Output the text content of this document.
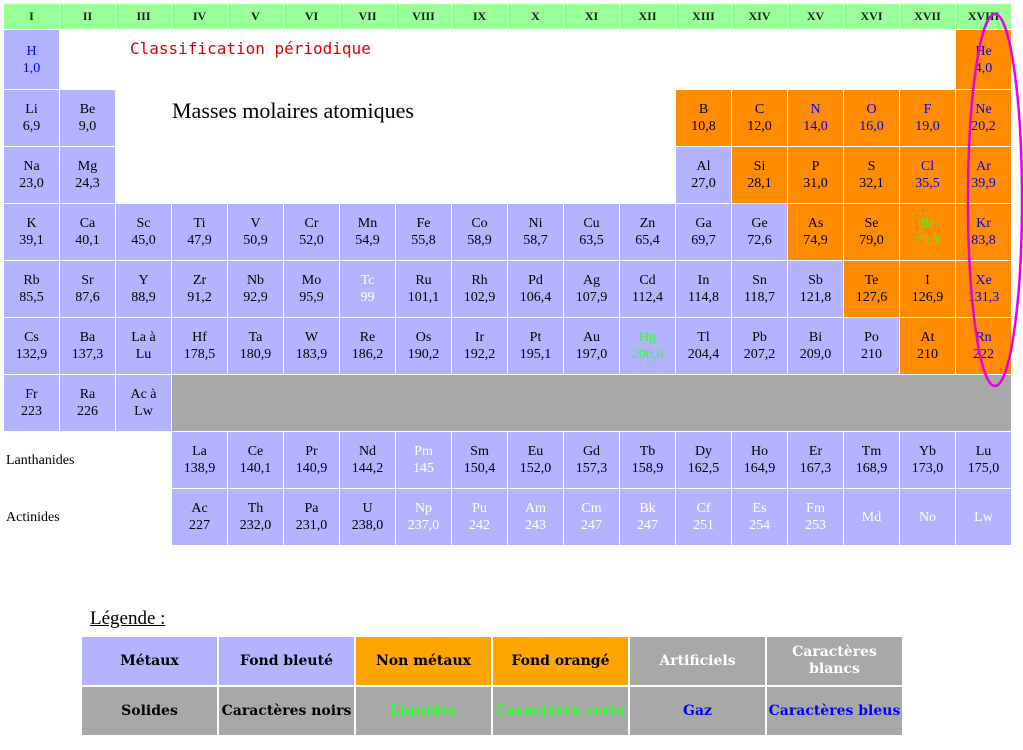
I	II	III	IV	V	VI	VII	VIII	IX	X	XI	XII	XIII	XIV	XV	XVI	XVII	XVIII

H
1,0	Classification périodique																He
4,0

Li
6,9	Be
9,0	Masses molaires atomiques										B
10,8	C
12,0	N
14,0	O
16,0	F
19,0	Ne
20,2

Na
23,0	Mg
24,3											Al
27,0	Si
28,1	P
31,0	S
32,1	Cl
35,5	Ar
39,9

K
39,1	Ca
40,1	Sc
45,0	Ti
47,9	V
50,9	Cr
52,0	Mn
54,9	Fe
55,8	Co
58,9	Ni
58,7	Cu
63,5	Zn
65,4	Ga
69,7	Ge
72,6	As
74,9	Se
79,0	Br
79,9	Kr
83,8

Rb
85,5	Sr
87,6	Y
88,9	Zr
91,2	Nb
92,9	Mo
95,9	Tc
99	Ru
101,1	Rh
102,9	Pd
106,4	Ag
107,9	Cd
112,4	In
114,8	Sn
118,7	Sb
121,8	Te
127,6	I
126,9	Xe
131,3

Cs
132,9	Ba
137,3	La à
Lu	Hf
178,5	Ta
180,9	W
183,9	Re
186,2	Os
190,2	Ir
192,2	Pt
195,1	Au
197,0	Hg
200,6	Tl
204,4	Pb
207,2	Bi
209,0	Po
210	At
210	Rn
222

Fr
223	Ra
226	Ac à
Lw															

Lanthanides			La
138,9	Ce
140,1	Pr
140,9	Nd
144,2	Pm
145	Sm
150,4	Eu
152,0	Gd
157,3	Tb
158,9	Dy
162,5	Ho
164,9	Er
167,3	Tm
168,9	Yb
173,0	Lu
175,0

Actinides			Ac
227	Th
232,0	Pa
231,0	U
238,0	Np
237,0	Pu
242	Am
243	Cm
247	Bk
247	Cf
251	Es
254	Fm
253	Md	No	Lw
Légende :
Métaux	Fond bleuté	Non métaux	Fond orangé	Artificiels	Caractères blancs
Solides	Caractères noirs	Liquides	Caractères verts	Gaz	Caractères bleus
